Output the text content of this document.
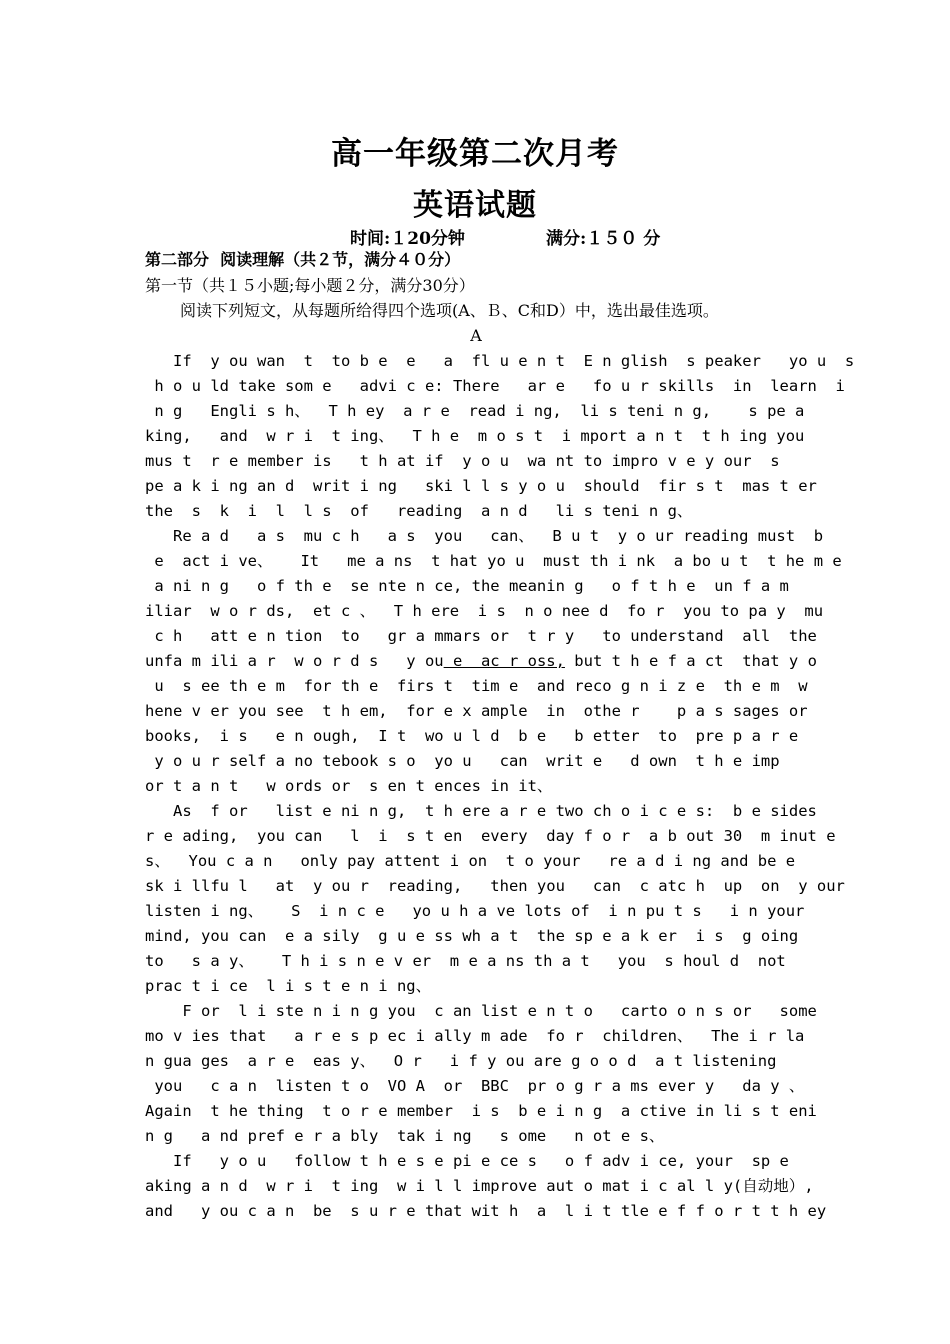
高一年级第二次月考
英语试题

时间:１20分钟	满分:１５０ 分

第二部分  阅读理解（共２节，满分４０分）

第一节（共１５小题;每小题２分，满分30分）

阅读下列短文，从每题所给得四个选项(A、Ｂ、C和D）中，选出最佳选项。

A

If  y ou wan  t  to b e  e   a  fl u e n t  E n glish  s peaker   yo u  s

h o u ld take som e   advi c e: There   ar e   fo u r skills  in  learn  i

n g   Engli s h、  T h ey  a r e  read i ng,  li s teni n g,    s pe a

king,   and  w r i  t ing、  T h e  m o s t  i mport a n t  t h ing you

mus t  r e member is   t h at if  y o u  wa nt to impro v e y our  s

pe a k i ng an d  writ i ng   ski l l s y o u  should  fir s t  mas t er

the  s  k  i  l  l s  of   reading  a n d   li s teni n g、

Re a d   a s  mu c h   a s  you   can、  B u t  y o ur reading must  b

e  act i ve、   It   me a ns  t hat yo u  must th i nk  a bo u t  t he m e

a ni n g   o f th e  se nte n ce, the meanin g   o f t h e  un f a m

iliar  w o r ds,  et c 、  T h ere  i s  n o nee d  fo r  you to pa y  mu

c h   att e n tion  to   gr a mmars or  t r y   to understand  all  the

unfa m ili a r  w o r d s   y ou e  ac r oss, but t h e f a ct  that y o

u  s ee th e m  for th e  firs t  tim e  and reco g n i z e  th e m  w

hene v er you see  t h em,  for e x ample  in  othe r    p a s sages or

books,  i s   e n ough,  I t  wo u l d  b e   b etter  to  pre p a r e

y o u r self a no tebook s o  yo u   can  writ e   d own  t h e imp

or t a n t   w ords or  s en t ences in it、

As  f or   list e ni n g,  t h ere a r e two ch o i c e s:  b e sides

r e ading,  you can   l  i  s t en  every  day f o r  a b out 30  m inut e

s、  You c a n   only pay attent i on  t o your   re a d i ng and be e

sk i llfu l   at  y ou r  reading,   then you   can  c atc h  up  on  y our

listen i ng、   S  i n c e   yo u h a ve lots of  i n pu t s   i n your

mind, you can  e a sily  g u e ss wh a t  the sp e a k er  i s  g oing

to   s a y、   T h i s n e v er  m e a ns th a t   you  s houl d  not

prac t i ce  l i s t e n i ng、

F or  l i ste n i n g you  c an list e n t o   carto o n s or   some

mo v ies that   a r e s p ec i ally m ade  fo r  children、  The i r la

n gua ges  a r e  eas y、  O r   i f y ou are g o o d  a t listening

you   c a n  listen t o  VO A  or  BBC  pr o g r a ms ever y   da y 、

Again  t he thing  t o r e member  i s  b e i n g  a ctive in li s t eni

n g   a nd pref e r a bly  tak i ng   s ome   n ot e s、

If   y o u   follow t h e s e pi e ce s   o f adv i ce, your  sp e

aking a n d  w r i  t ing  w i l l improve aut o mat i c al l y(自动地）,

and   y ou c a n  be  s u r e that wit h  a  l i t tle e f f o r t t h ey
